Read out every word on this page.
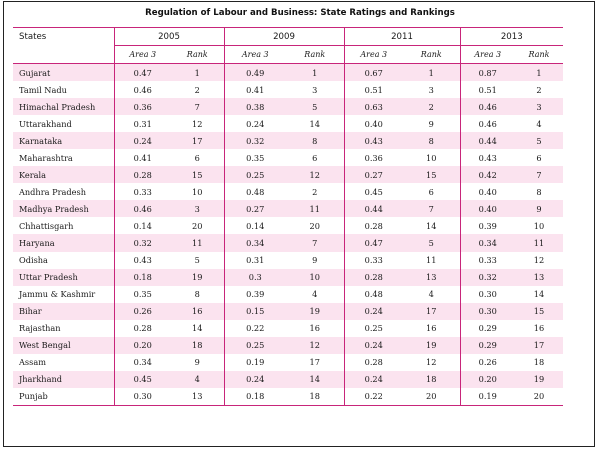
Regulation of Labour and Business: State Ratings and Rankings
States	2005		2009		2011		2013	
	Area 3	Rank	Area 3	Rank	Area 3	Rank	Area 3	Rank
Gujarat	0.47	1	0.49	1	0.67	1	0.87	1
Tamil Nadu	0.46	2	0.41	3	0.51	3	0.51	2
Himachal Pradesh	0.36	7	0.38	5	0.63	2	0.46	3
Uttarakhand	0.31	12	0.24	14	0.40	9	0.46	4
Karnataka	0.24	17	0.32	8	0.43	8	0.44	5
Maharashtra	0.41	6	0.35	6	0.36	10	0.43	6
Kerala	0.28	15	0.25	12	0.27	15	0.42	7
Andhra Pradesh	0.33	10	0.48	2	0.45	6	0.40	8
Madhya Pradesh	0.46	3	0.27	11	0.44	7	0.40	9
Chhattisgarh	0.14	20	0.14	20	0.28	14	0.39	10
Haryana	0.32	11	0.34	7	0.47	5	0.34	11
Odisha	0.43	5	0.31	9	0.33	11	0.33	12
Uttar Pradesh	0.18	19	0.3	10	0.28	13	0.32	13
Jammu & Kashmir	0.35	8	0.39	4	0.48	4	0.30	14
Bihar	0.26	16	0.15	19	0.24	17	0.30	15
Rajasthan	0.28	14	0.22	16	0.25	16	0.29	16
West Bengal	0.20	18	0.25	12	0.24	19	0.29	17
Assam	0.34	9	0.19	17	0.28	12	0.26	18
Jharkhand	0.45	4	0.24	14	0.24	18	0.20	19
Punjab	0.30	13	0.18	18	0.22	20	0.19	20
